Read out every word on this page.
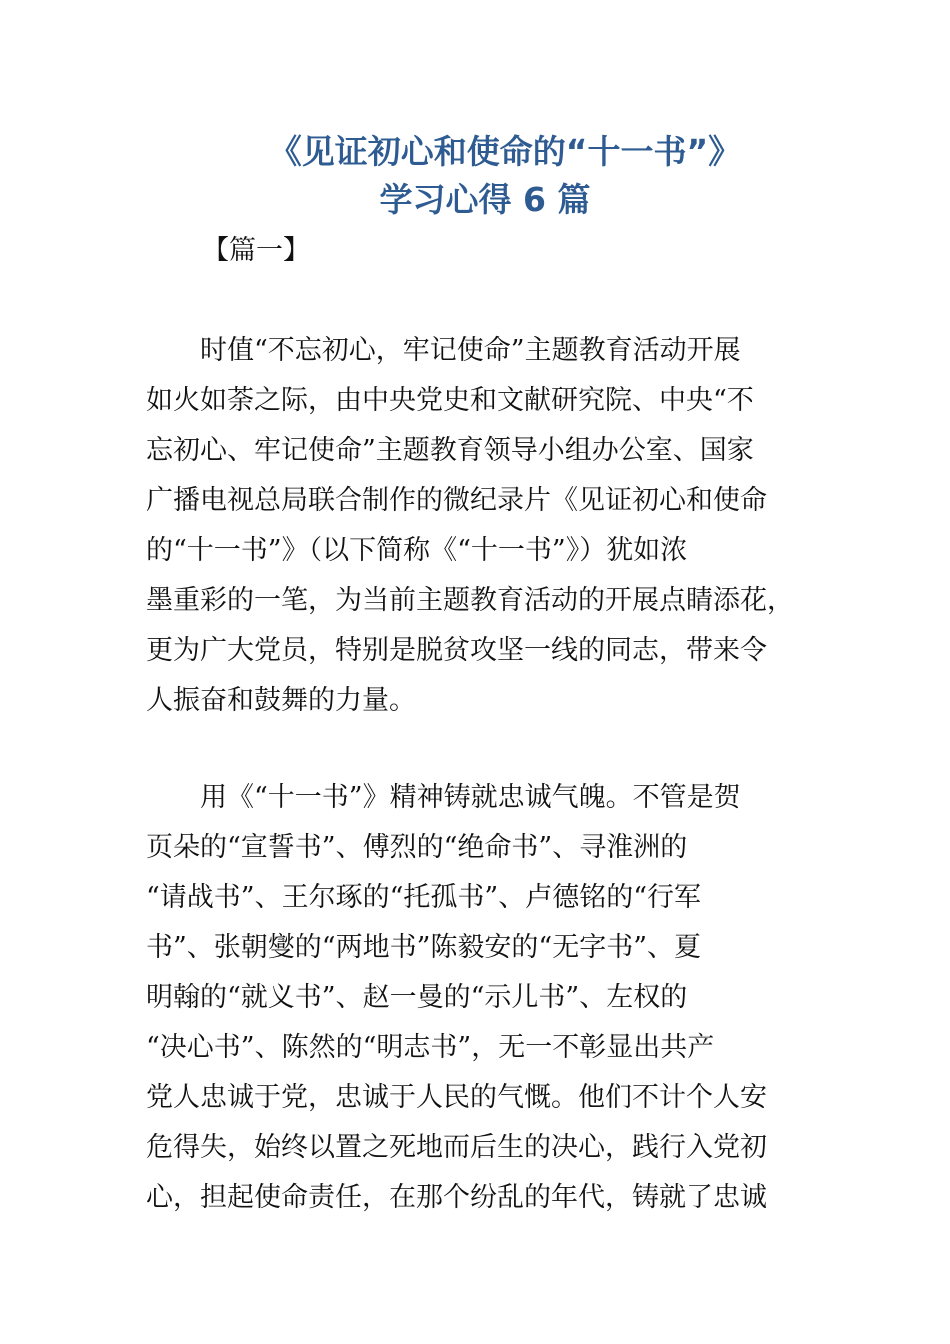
《见证初心和使命的“十一书”》
学习心得 6 篇
【篇一】
　　时值“不忘初心，牢记使命”主题教育活动开展
如火如荼之际，由中央党史和文献研究院、中央“不
忘初心、牢记使命”主题教育领导小组办公室、国家
广播电视总局联合制作的微纪录片《见证初心和使命
的“十一书”》（以下简称《“十一书”》）犹如浓
墨重彩的一笔，为当前主题教育活动的开展点睛添花，
更为广大党员，特别是脱贫攻坚一线的同志，带来令
人振奋和鼓舞的力量。
　　用《“十一书”》精神铸就忠诚气魄。不管是贺
页朵的“宣誓书”、傅烈的“绝命书”、寻淮洲的
“请战书”、王尔琢的“托孤书”、卢德铭的“行军
书”、张朝燮的“两地书”陈毅安的“无字书”、夏
明翰的“就义书”、赵一曼的“示儿书”、左权的
“决心书”、陈然的“明志书”，无一不彰显出共产
党人忠诚于党，忠诚于人民的气慨。他们不计个人安
危得失，始终以置之死地而后生的决心，践行入党初
心，担起使命责任，在那个纷乱的年代，铸就了忠诚
